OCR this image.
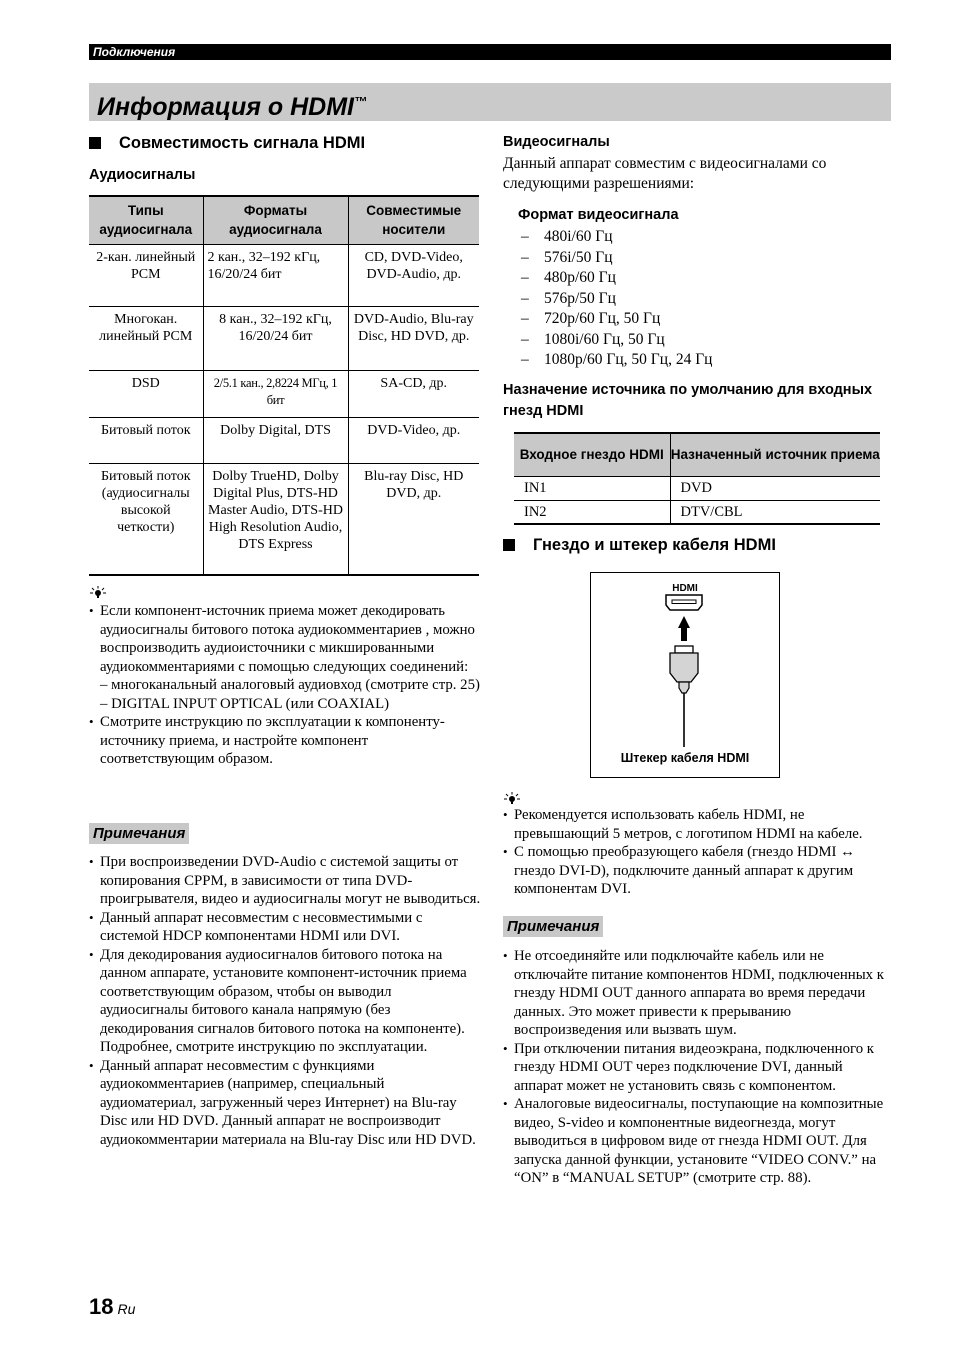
Подключения
Информация о HDMI™
Совместимость сигнала HDMI
Аудиосигналы
Типы аудиосигнала	Форматы аудиосигнала	Совместимые носители
2-кан. линейный PCM	2 кан., 32–192 кГц, 16/20/24 бит	CD, DVD-Video, DVD-Audio, др.
Многокан. линейный PCM	8 кан., 32–192 кГц, 16/20/24 бит	DVD-Audio, Blu-ray Disc, HD DVD, др.
DSD	2/5.1 кан., 2,8224 МГц, 1 бит	SA-CD, др.
Битовый поток	Dolby Digital, DTS	DVD-Video, др.
Битовый поток (аудиосигналы высокой четкости)	Dolby TrueHD, Dolby Digital Plus, DTS-HD Master Audio, DTS-HD High Resolution Audio, DTS Express	Blu-ray Disc, HD DVD, др.
• Если компонент-источник приема может декодировать аудиосигналы битового потока аудиокомментариев , можно воспроизводить аудиоисточники с микшированными аудиокомментариями с помощью следующих соединений:
– многоканальный аналоговый аудиовход (смотрите стр. 25)
– DIGITAL INPUT OPTICAL (или COAXIAL)
• Смотрите инструкцию по эксплуатации к компоненту-источнику приема, и настройте компонент соответствующим образом.
Примечания
• При воспроизведении DVD-Audio с системой защиты от копирования CPPM, в зависимости от типа DVD-проигрывателя, видео и аудиосигналы могут не выводиться.
• Данный аппарат несовместим с несовместимыми с системой HDCP компонентами HDMI или DVI.
• Для декодирования аудиосигналов битового потока на данном аппарате, установите компонент-источник приема соответствующим образом, чтобы он выводил аудиосигналы битового канала напрямую (без декодирования сигналов битового потока на компоненте). Подробнее, смотрите инструкцию по эксплуатации.
• Данный аппарат несовместим с функциями аудиокомментариев (например, специальный аудиоматериал, загруженный через Интернет) на Blu-ray Disc или HD DVD. Данный аппарат не воспроизводит аудиокомментарии материала на Blu-ray Disc или HD DVD.
Видеосигналы
Данный аппарат совместим с видеосигналами со следующими разрешениями:
Формат видеосигнала
– 480i/60 Гц
– 576i/50 Гц
– 480p/60 Гц
– 576p/50 Гц
– 720p/60 Гц, 50 Гц
– 1080i/60 Гц, 50 Гц
– 1080p/60 Гц, 50 Гц, 24 Гц
Назначение источника по умолчанию для входных гнезд HDMI
Входное гнездо HDMI	Назначенный источник приема
IN1	DVD
IN2	DTV/CBL
Гнездо и штекер кабеля HDMI
HDMI
Штекер кабеля HDMI
• Рекомендуется использовать кабель HDMI, не превышающий 5 метров, с логотипом HDMI на кабеле.
• С помощью преобразующего кабеля (гнездо HDMI ↔ гнездо DVI-D), подключите данный аппарат к другим компонентам DVI.
Примечания
• Не отсоединяйте или подключайте кабель или не отключайте питание компонентов HDMI, подключенных к гнезду HDMI OUT данного аппарата во время передачи данных. Это может привести к прерыванию воспроизведения или вызвать шум.
• При отключении питания видеоэкрана, подключенного к гнезду HDMI OUT через подключение DVI, данный аппарат может не установить связь с компонентом.
• Аналоговые видеосигналы, поступающие на композитные видео, S-video и компонентные видеогнезда, могут выводиться в цифровом виде от гнезда HDMI OUT. Для запуска данной функции, установите “VIDEO CONV.” на “ON” в “MANUAL SETUP” (смотрите стр. 88).
18 Ru
